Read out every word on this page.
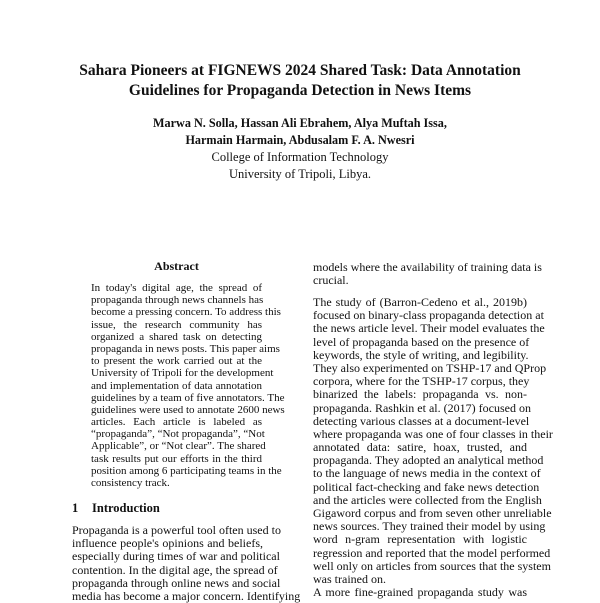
Sahara Pioneers at FIGNEWS 2024 Shared Task: Data Annotation
Guidelines for Propaganda Detection in News Items
Marwa N. Solla, Hassan Ali Ebrahem, Alya Muftah Issa,
Harmain Harmain, Abdusalam F. A. Nwesri
College of Information Technology
University of Tripoli, Libya.
Abstract
In today's digital age, the spread of
propaganda through news channels has
become a pressing concern. To address this
issue, the research community has
organized a shared task on detecting
propaganda in news posts. This paper aims
to present the work carried out at the
University of Tripoli for the development
and implementation of data annotation
guidelines by a team of five annotators. The
guidelines were used to annotate 2600 news
articles. Each article is labeled as
“propaganda”, “Not propaganda”, “Not
Applicable”, or “Not clear”. The shared
task results put our efforts in the third
position among 6 participating teams in the
consistency track.
1 Introduction
Propaganda is a powerful tool often used to
influence people's opinions and beliefs,
especially during times of war and political
contention. In the digital age, the spread of
propaganda through online news and social
media has become a major concern. Identifying
models where the availability of training data is
crucial.
The study of (Barron-Cedeno et al., 2019b)
focused on binary-class propaganda detection at
the news article level. Their model evaluates the
level of propaganda based on the presence of
keywords, the style of writing, and legibility.
They also experimented on TSHP-17 and QProp
corpora, where for the TSHP-17 corpus, they
binarized the labels: propaganda vs. non-
propaganda. Rashkin et al. (2017) focused on
detecting various classes at a document-level
where propaganda was one of four classes in their
annotated data: satire, hoax, trusted, and
propaganda. They adopted an analytical method
to the language of news media in the context of
political fact-checking and fake news detection
and the articles were collected from the English
Gigaword corpus and from seven other unreliable
news sources. They trained their model by using
word n-gram representation with logistic
regression and reported that the model performed
well only on articles from sources that the system
was trained on.
A more fine-grained propaganda study was
